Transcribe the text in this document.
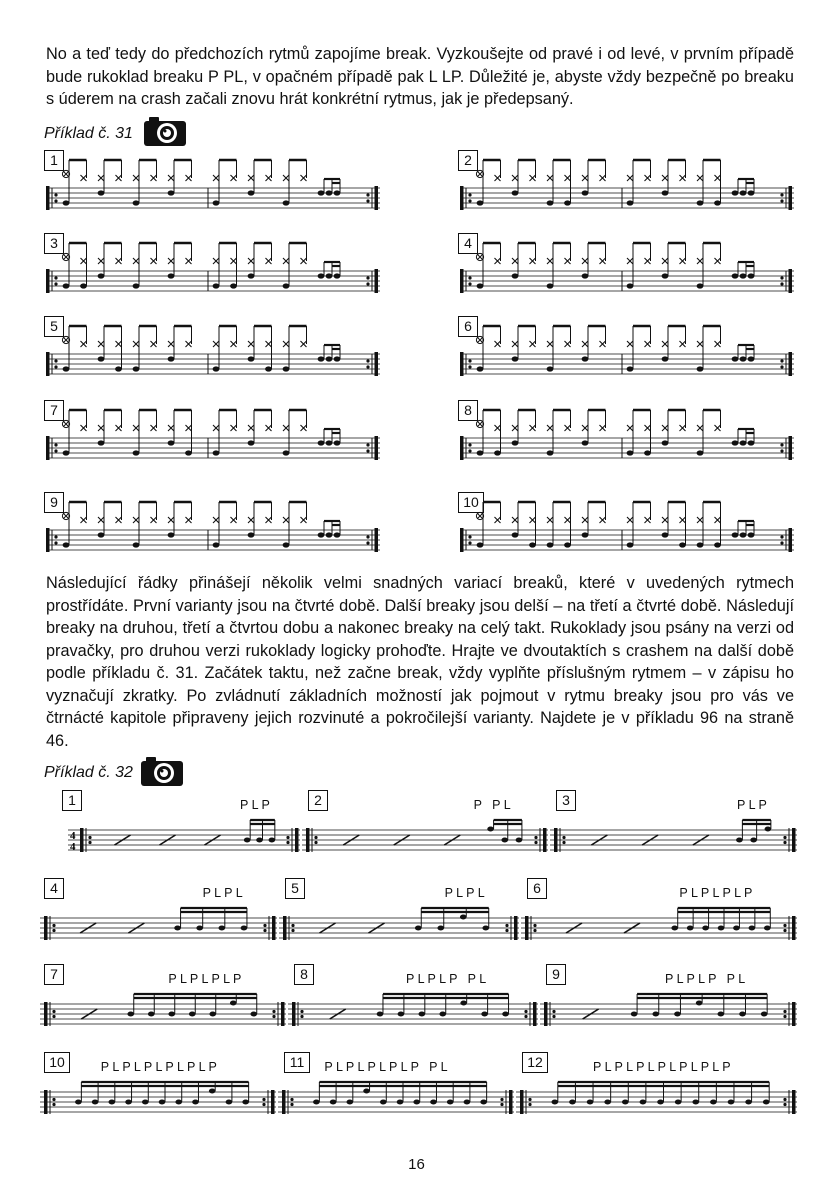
No a teď tedy do předchozích rytmů zapojíme break. Vyzkoušejte od pravé i od levé, v prvním případě bude rukoklad breaku P PL, v opačném případě pak L LP. Důležité je, abyste vždy bezpečně po breaku s úderem na crash začali znovu hrát konkrétní rytmus, jak je předepsaný.

Příklad č. 31
1	2
3	4
5	6
7	8
9	10

Následující řádky přinášejí několik velmi snadných variací breaků, které v uvedených rytmech prostřídáte. První varianty jsou na čtvrté době. Další breaky jsou delší – na třetí a čtvrté době. Následují breaky na druhou, třetí a čtvrtou dobu a nakonec breaky na celý takt. Rukoklady jsou psány na verzi od pravačky, pro druhou verzi rukoklady logicky prohoďte. Hrajte ve dvoutaktích s crashem na další době podle příkladu č. 31. Začátek taktu, než začne break, vždy vyplňte příslušným rytmem – v zápisu ho vyznačují zkratky. Po zvládnutí základních možností jak pojmout v rytmu breaky jsou pro vás ve čtrnácté kapitole připraveny jejich rozvinuté a pokročilejší varianty. Najdete je v příkladu 96 na straně 46.

Příklad č. 32
1	P L P
4
4
2	P   P L	3	P L P
4	P L P L	5	P L P L	6	P L P L P L P
7	P L P L P L P	8	P L P L P   P L	9	P L P L P   P L
10	P L P L P L P L P L P	11	P L P L P L P L P   P L	12	P L P L P L P L P L P L P
16
